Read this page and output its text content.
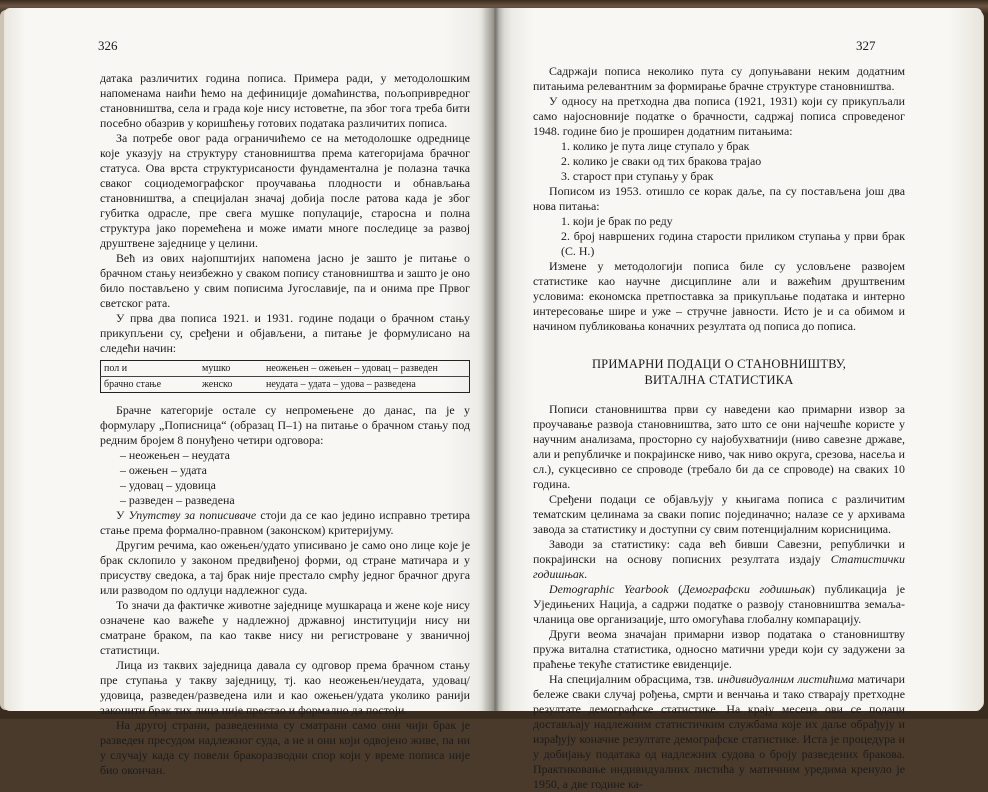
326	327

датака различитих година пописа. Примера ради, у методолошким напоменама наићи ћемо на дефиниције домаћинства, пољопривредног становништва, села и града које нису истоветне, па због тога треба бити посебно обазрив у коришћењу готових података различитих пописа.

За потребе овог рада ограничићемо се на методолошке одреднице које указују на структуру становништва према категоријама брачног статуса. Ова врста структурисаности фундаментална је полазна тачка сваког социодемографског проучавања плодности и обнављања становништва, а специјалан значај добија после ратова када је због губитка одрасле, пре свега мушке популације, старосна и полна структура јако поремећена и може имати многе последице за развој друштвене заједнице у целини.

Већ из ових најопштијих напомена јасно је зашто је питање о брачном стању неизбежно у сваком попису становништва и зашто је оно било постављено у свим пописима Југославије, па и онима пре Првог светског рата.

У прва два пописа 1921. и 1931. године подаци о брачном стању прикупљени су, сређени и објављени, а питање је формулисано на следећи начин:

пол и	мушко	неожењен – ожењен – удовац – разведен
брачно стање	женско	неудата – удата – удова – разведена

Брачне категорије остале су непромењене до данас, па је у формулару „Пописница“ (образац П–1) на питање о брачном стању под редним бројем 8 понуђено четири одговора:

– неожењен – неудата

– ожењен – удата

– удовац – удовица

– разведен – разведена

У Упутству за пописиваче стоји да се као једино исправно третира стање према формално-правном (законском) критеријуму.

Другим речима, као ожењен/удато уписивано је само оно лице које је брак склопило у законом предвиђеној форми, од стране матичара и у присуству сведока, а тај брак није престало смрћу једног брачног друга или разводом по одлуци надлежног суда.

То значи да фактичке животне заједнице мушкараца и жене које нису означене као важеће у надлежној државној институцији нису ни сматране браком, па као такве нису ни регистроване у званичној статистици.

Лица из таквих заједница давала су одговор према брачном стању пре ступања у такву заједницу, тј. као неожењен/неудата, удовац/удовица, разведен/разведена или и као ожењен/удата уколико ранији законити брак тих лица није престао и формално да постоји.

На другој страни, разведенима су сматрани само они чији брак је разведен пресудом надлежног суда, а не и они који одвојено живе, па ни у случају када су повели бракоразводни спор који у време пописа није био окончан.

Садржаји пописа неколико пута су допуњавани неким додатним питањима релевантним за формирање брачне структуре становништва.

У односу на претходна два пописа (1921, 1931) који су прикупљали само најосновније податке о брачности, садржај пописа спроведеног 1948. године био је проширен додатним питањима:

1. колико је пута лице ступало у брак

2. колико је сваки од тих бракова трајао

3. старост при ступању у брак

Пописом из 1953. отишло се корак даље, па су постављена још два нова питања:

1. који је брак по реду

2. број навршених година старости приликом ступања у први брак (С. Н.)

Измене у методологији пописа биле су условљене развојем статистике као научне дисциплине али и важећим друштвеним условима: економска претпоставка за прикупљање података и интерно интересовање шире и уже – стручне јавности. Исто је и са обимом и начином публиковања коначних резултата од пописа до пописа.

ПРИМАРНИ ПОДАЦИ О СТАНОВНИШТВУ,
ВИТАЛНА СТАТИСТИКА

Пописи становништва први су наведени као примарни извор за проучавање развоја становништва, зато што се они најчешће користе у научним анализама, просторно су најобухватнији (ниво савезне државе, али и републичке и покрајинске ниво, чак ниво округа, срезова, насеља и сл.), сукцесивно се спроводе (требало би да се спроводе) на сваких 10 година.

Сређени подаци се објављују у књигама пописа с различитим тематским целинама за сваки попис појединачно; налазе се у архивама завода за статистику и доступни су свим потенцијалним корисницима.

Заводи за статистику: сада већ бивши Савезни, републички и покрајински на основу пописних резултата издају Статистички годишњак.

Demographic Yearbook (Демографски годишњак) публикација је Уједињених Нација, а садржи податке о развоју становништва земаља-чланица ове организације, што омогућава глобалну компарацију.

Други веома значајан примарни извор података о становништву пружа витална статистика, односно матични уреди који су задужени за праћење текуће статистике евиденције.

На специјалним обрасцима, тзв. индивидуалним листићима матичари бележе сваки случај рођења, смрти и венчања и тако стварају претходне резултате демографске статистике. На крају месеца ови се подаци достављају надлежним статистичким службама које их даље обрађују и израђују коначне резултате демографске статистике. Иста је процедура и у добијању података од надлежних судова о броју разведених бракова. Практиковање индивидуалних листића у матичним уредима кренуло је 1950, а две године ка-
